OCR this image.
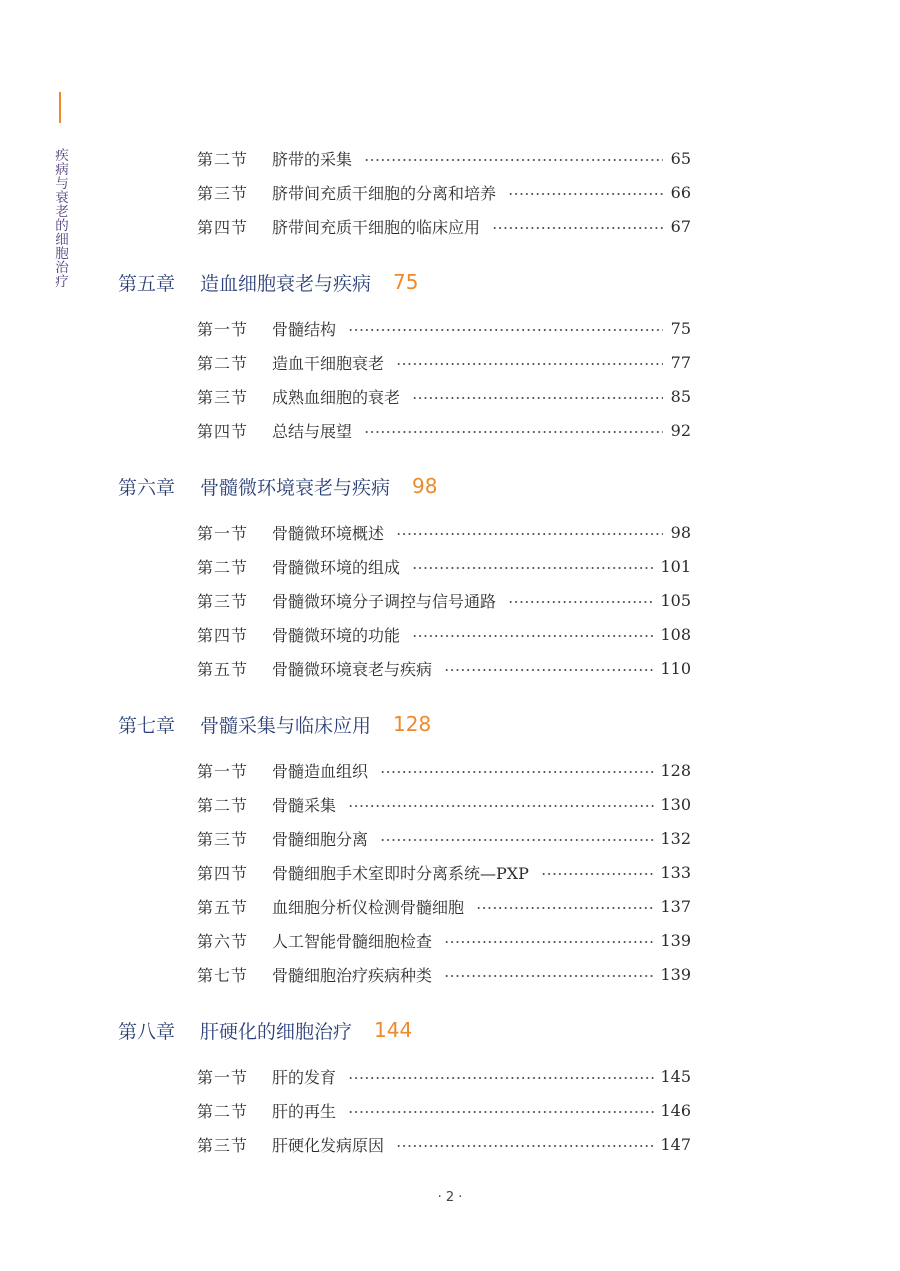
疾病与衰老的细胞治疗	第二节	脐带的采集	65
第三节	脐带间充质干细胞的分离和培养	66
第四节	脐带间充质干细胞的临床应用	67
第五章	造血细胞衰老与疾病 75
第一节	骨髓结构	75
第二节	造血干细胞衰老	77
第三节	成熟血细胞的衰老	85
第四节	总结与展望	92
第六章	骨髓微环境衰老与疾病 98
第一节	骨髓微环境概述	98
第二节	骨髓微环境的组成	101
第三节	骨髓微环境分子调控与信号通路	105
第四节	骨髓微环境的功能	108
第五节	骨髓微环境衰老与疾病	110
第七章	骨髓采集与临床应用 128
第一节	骨髓造血组织	128
第二节	骨髓采集	130
第三节	骨髓细胞分离	132
第四节	骨髓细胞手术室即时分离系统—PXP	133
第五节	血细胞分析仪检测骨髓细胞	137
第六节	人工智能骨髓细胞检查	139
第七节	骨髓细胞治疗疾病种类	139
第八章	肝硬化的细胞治疗 144
第一节	肝的发育	145
第二节	肝的再生	146
第三节	肝硬化发病原因	147
· 2 ·
